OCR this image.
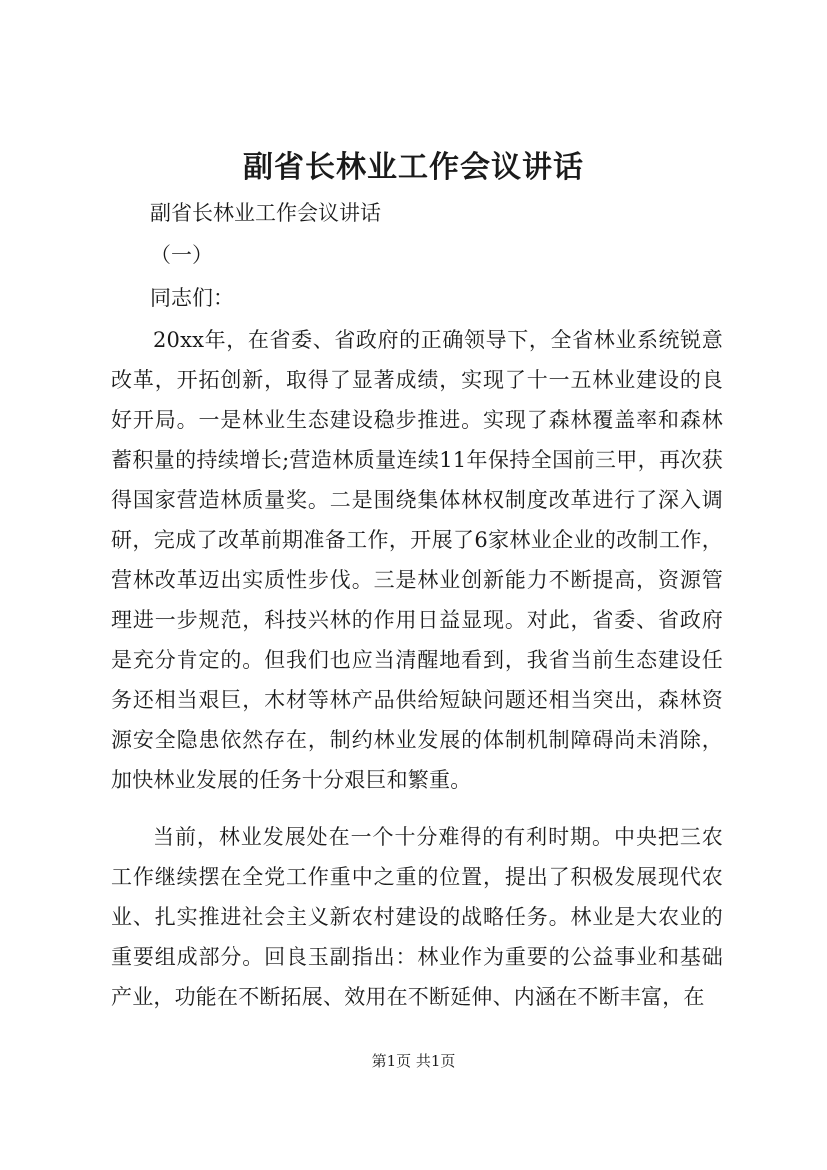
副省长林业工作会议讲话
副省长林业工作会议讲话
（一）
同志们：
20xx年，在省委、省政府的正确领导下，全省林业系统锐意改革，开拓创新，取得了显著成绩，实现了十一五林业建设的良好开局。一是林业生态建设稳步推进。实现了森林覆盖率和森林蓄积量的持续增长;营造林质量连续11年保持全国前三甲，再次获得国家营造林质量奖。二是围绕集体林权制度改革进行了深入调研，完成了改革前期准备工作，开展了6家林业企业的改制工作，营林改革迈出实质性步伐。三是林业创新能力不断提高，资源管理进一步规范，科技兴林的作用日益显现。对此，省委、省政府是充分肯定的。但我们也应当清醒地看到，我省当前生态建设任务还相当艰巨，木材等林产品供给短缺问题还相当突出，森林资源安全隐患依然存在，制约林业发展的体制机制障碍尚未消除，加快林业发展的任务十分艰巨和繁重。
当前，林业发展处在一个十分难得的有利时期。中央把三农工作继续摆在全党工作重中之重的位置，提出了积极发展现代农业、扎实推进社会主义新农村建设的战略任务。林业是大农业的重要组成部分。回良玉副指出：林业作为重要的公益事业和基础产业，功能在不断拓展、效用在不断延伸、内涵在不断丰富，在
第1页 共1页
